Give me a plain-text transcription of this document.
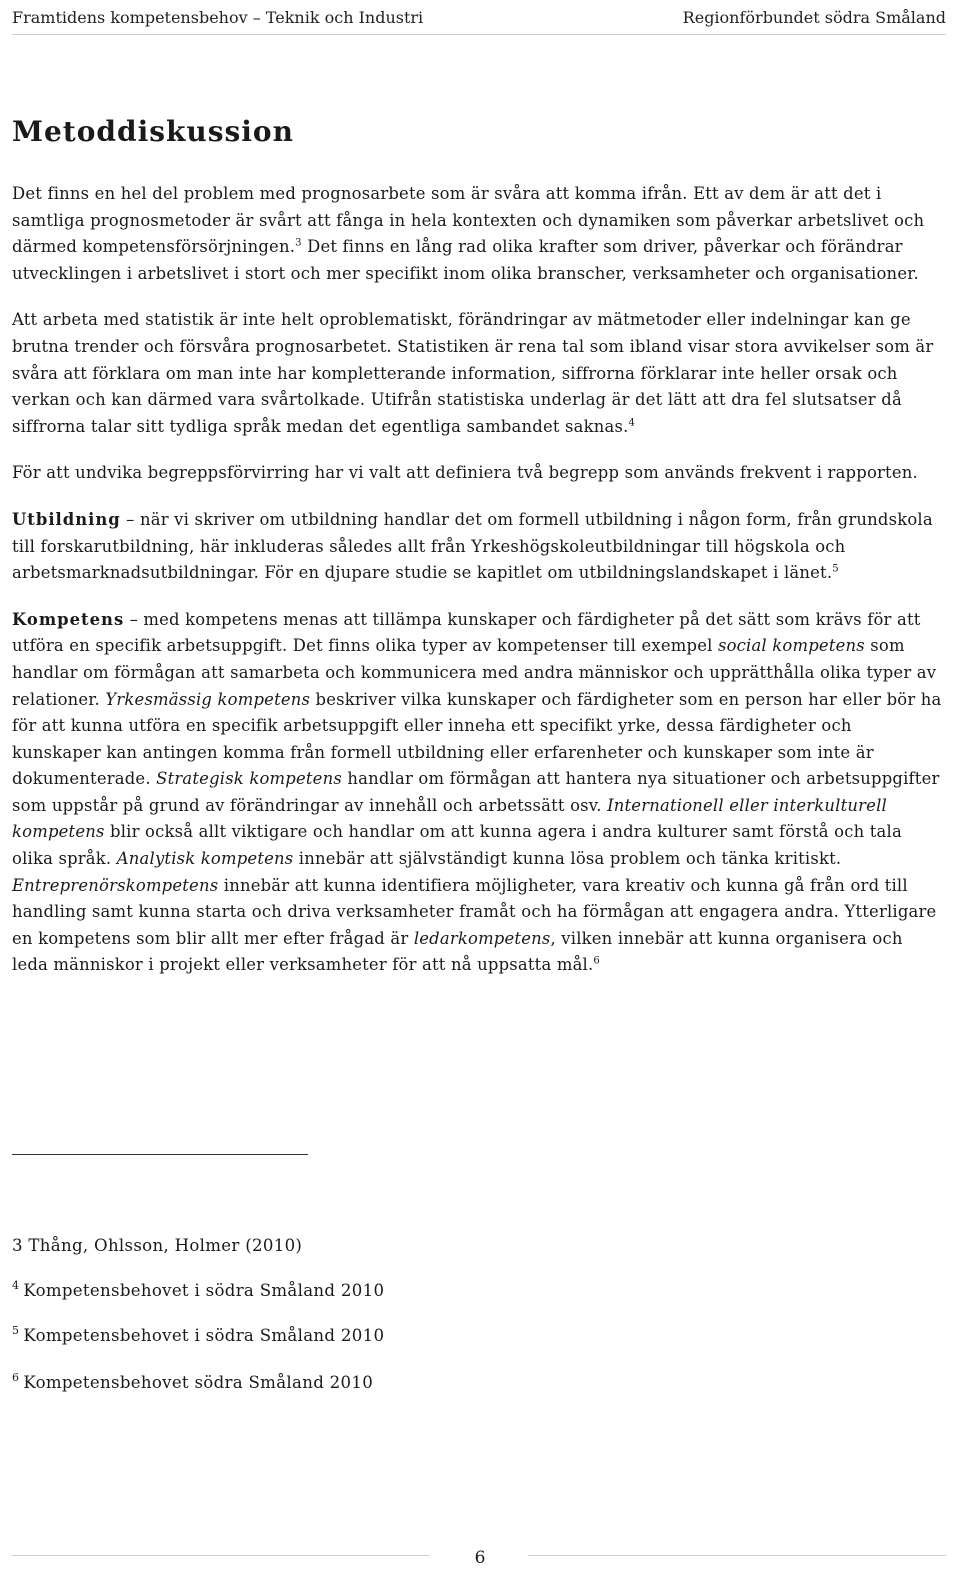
Framtidens kompetensbehov – Teknik och Industri	Regionförbundet södra Småland
Metoddiskussion

Det finns en hel del problem med prognosarbete som är svåra att komma ifrån. Ett av dem är att det i samtliga prognosmetoder är svårt att fånga in hela kontexten och dynamiken som påverkar arbetslivet och därmed kompetensförsörjningen.$^3$ Det finns en lång rad olika krafter som driver, påverkar och förändrar utvecklingen i arbetslivet i stort och mer specifikt inom olika branscher, verksamheter och organisationer.

Att arbeta med statistik är inte helt oproblematiskt, förändringar av mätmetoder eller indelningar kan ge brutna trender och försvåra prognosarbetet. Statistiken är rena tal som ibland visar stora avvikelser som är svåra att förklara om man inte har kompletterande information, siffrorna förklarar inte heller orsak och verkan och kan därmed vara svårtolkade. Utifrån statistiska underlag är det lätt att dra fel slutsatser då siffrorna talar sitt tydliga språk medan det egentliga sambandet saknas.$^4$

För att undvika begreppsförvirring har vi valt att definiera två begrepp som används frekvent i rapporten.

Utbildning – när vi skriver om utbildning handlar det om formell utbildning i någon form, från grundskola till forskarutbildning, här inkluderas således allt från Yrkeshögskoleutbildningar till högskola och arbetsmarknadsutbildningar. För en djupare studie se kapitlet om utbildningslandskapet i länet.$^5$

Kompetens – med kompetens menas att tillämpa kunskaper och färdigheter på det sätt som krävs för att utföra en specifik arbetsuppgift. Det finns olika typer av kompetenser till exempel social kompetens som handlar om förmågan att samarbeta och kommunicera med andra människor och upprätthålla olika typer av relationer. Yrkesmässig kompetens beskriver vilka kunskaper och färdigheter som en person har eller bör ha för att kunna utföra en specifik arbetsuppgift eller inneha ett specifikt yrke, dessa färdigheter och kunskaper kan antingen komma från formell utbildning eller erfarenheter och kunskaper som inte är dokumenterade. Strategisk kompetens handlar om förmågan att hantera nya situationer och arbetsuppgifter som uppstår på grund av förändringar av innehåll och arbetssätt osv. Internationell eller interkulturell kompetens blir också allt viktigare och handlar om att kunna agera i andra kulturer samt förstå och tala olika språk. Analytisk kompetens innebär att självständigt kunna lösa problem och tänka kritiskt. Entreprenörskompetens innebär att kunna identifiera möjligheter, vara kreativ och kunna gå från ord till handling samt kunna starta och driva verksamheter framåt och ha förmågan att engagera andra. Ytterligare en kompetens som blir allt mer efter frågad är ledarkompetens, vilken innebär att kunna organisera och leda människor i projekt eller verksamheter för att nå uppsatta mål.$^6$

3 Thång, Ohlsson, Holmer (2010)
$^4$ Kompetensbehovet i södra Småland 2010
$^5$ Kompetensbehovet i södra Småland 2010
$^6$ Kompetensbehovet södra Småland 2010
6
